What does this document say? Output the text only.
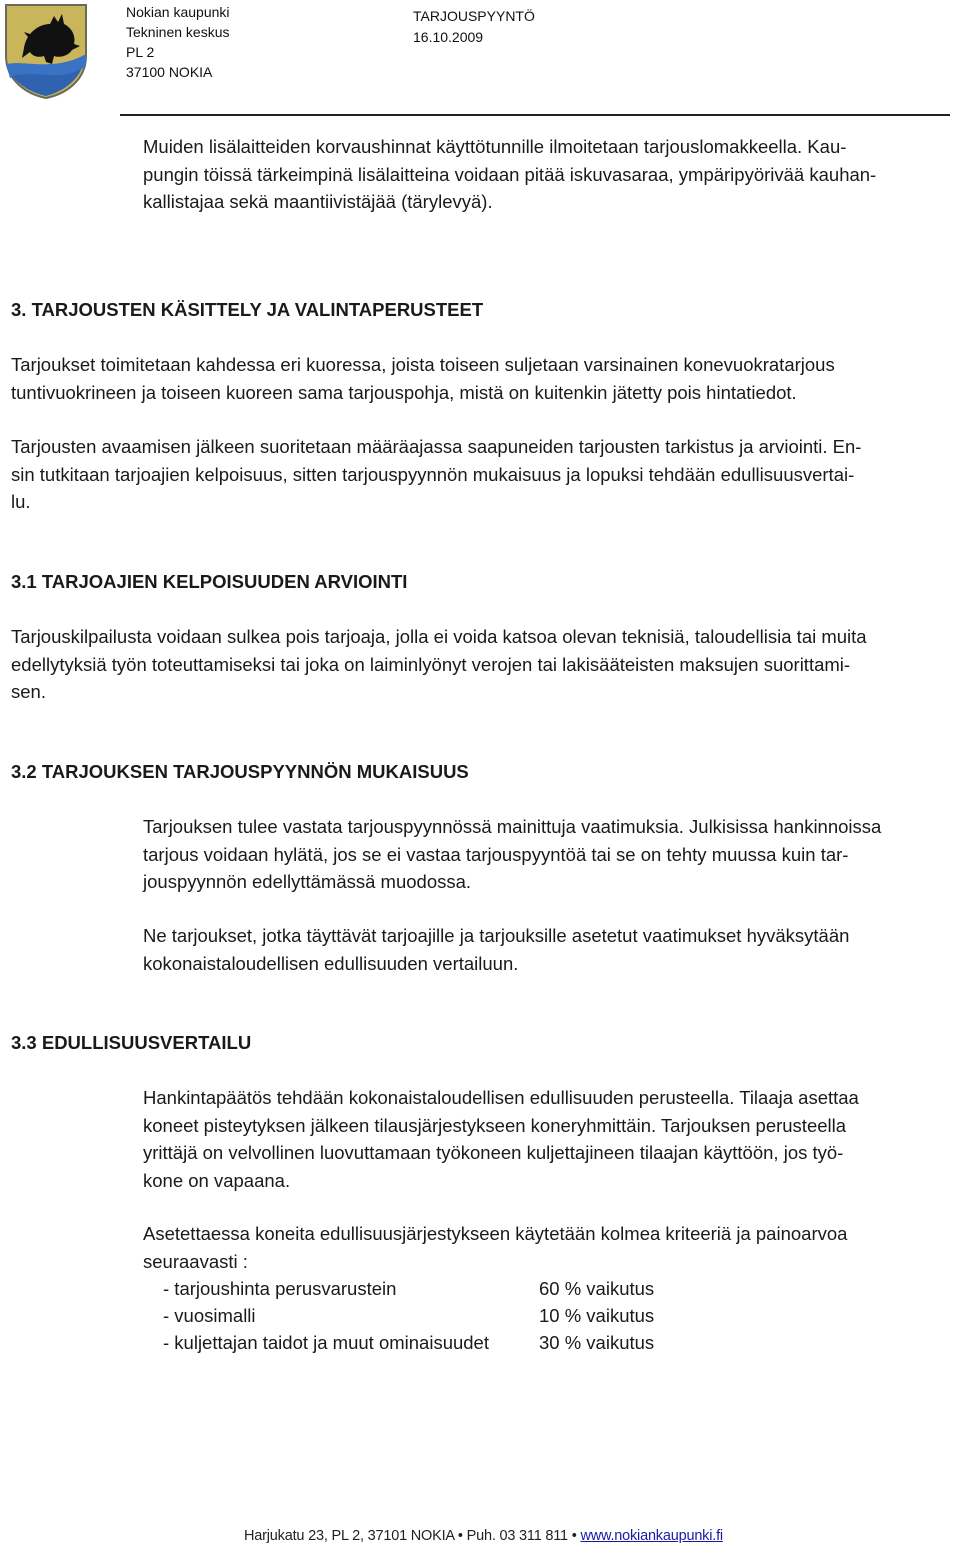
Nokian kaupunki
Tekninen keskus
PL 2
37100 NOKIA
TARJOUSPYYNTÖ
16.10.2009
Muiden lisälaitteiden korvaushinnat käyttötunnille ilmoitetaan tarjouslomakkeella. Kau-
pungin töissä tärkeimpinä lisälaitteina voidaan pitää iskuvasaraa, ympäripyörivää kauhan-
kallistajaa sekä maantiivistäjää (tärylevyä).
3. TARJOUSTEN KÄSITTELY JA VALINTAPERUSTEET
Tarjoukset toimitetaan kahdessa eri kuoressa, joista toiseen suljetaan varsinainen konevuokratarjous
tuntivuokrineen ja toiseen kuoreen sama tarjouspohja, mistä on kuitenkin jätetty pois hintatiedot.
Tarjousten avaamisen jälkeen suoritetaan määräajassa saapuneiden tarjousten tarkistus ja arviointi. En-
sin tutkitaan tarjoajien kelpoisuus, sitten tarjouspyynnön mukaisuus ja lopuksi tehdään edullisuusvertai-
lu.
3.1 TARJOAJIEN KELPOISUUDEN ARVIOINTI
Tarjouskilpailusta voidaan sulkea pois tarjoaja, jolla ei voida katsoa olevan teknisiä, taloudellisia tai muita
edellytyksiä työn toteuttamiseksi tai joka on laiminlyönyt verojen tai lakisääteisten maksujen suorittami-
sen.
3.2 TARJOUKSEN TARJOUSPYYNNÖN MUKAISUUS
Tarjouksen tulee vastata tarjouspyynnössä mainittuja vaatimuksia. Julkisissa hankinnoissa
tarjous voidaan hylätä, jos se ei vastaa tarjouspyyntöä tai se on tehty muussa kuin tar-
jouspyynnön edellyttämässä muodossa.
Ne tarjoukset, jotka täyttävät tarjoajille ja tarjouksille asetetut vaatimukset hyväksytään
kokonaistaloudellisen edullisuuden vertailuun.
3.3 EDULLISUUSVERTAILU
Hankintapäätös tehdään kokonaistaloudellisen edullisuuden perusteella. Tilaaja asettaa
koneet pisteytyksen jälkeen tilausjärjestykseen koneryhmittäin. Tarjouksen perusteella
yrittäjä on velvollinen luovuttamaan työkoneen kuljettajineen tilaajan käyttöön, jos työ-
kone on vapaana.
Asetettaessa koneita edullisuusjärjestykseen käytetään kolmea kriteeriä ja painoarvoa
seuraavasti :
- tarjoushinta perusvarustein	60 % vaikutus
- vuosimalli	10 % vaikutus
- kuljettajan taidot ja muut ominaisuudet	30 % vaikutus
Harjukatu 23, PL 2, 37101 NOKIA • Puh. 03 311 811 • www.nokiankaupunki.fi
